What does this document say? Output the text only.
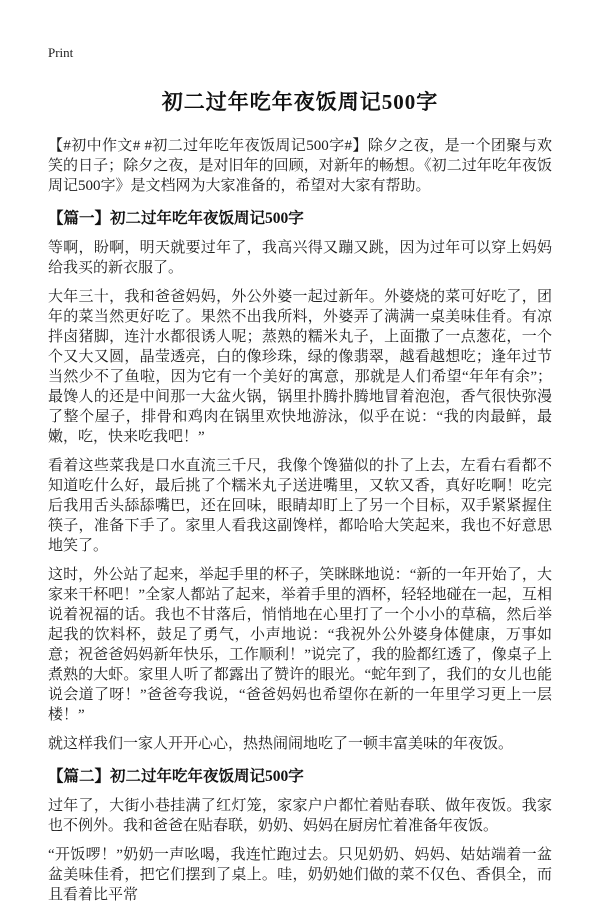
Print
初二过年吃年夜饭周记500字

【#初中作文# #初二过年吃年夜饭周记500字#】除夕之夜，是一个团聚与欢笑的日子；除夕之夜，是对旧年的回顾，对新年的畅想。《初二过年吃年夜饭周记500字》是文档网为大家准备的，希望对大家有帮助。

【篇一】初二过年吃年夜饭周记500字

等啊，盼啊，明天就要过年了，我高兴得又蹦又跳，因为过年可以穿上妈妈给我买的新衣服了。

大年三十，我和爸爸妈妈，外公外婆一起过新年。外婆烧的菜可好吃了，团年的菜当然更好吃了。果然不出我所料，外婆弄了满满一桌美味佳肴。有凉拌卤猪脚，连汁水都很诱人呢；蒸熟的糯米丸子，上面撒了一点葱花，一个个又大又圆，晶莹透亮，白的像珍珠，绿的像翡翠，越看越想吃；逢年过节当然少不了鱼啦，因为它有一个美好的寓意，那就是人们希望“年年有余”；最馋人的还是中间那一大盆火锅，锅里扑腾扑腾地冒着泡泡，香气很快弥漫了整个屋子，排骨和鸡肉在锅里欢快地游泳，似乎在说：“我的肉最鲜，最嫩，吃，快来吃我吧！”

看着这些菜我是口水直流三千尺，我像个馋猫似的扑了上去，左看右看都不知道吃什么好，最后挑了个糯米丸子送进嘴里，又软又香，真好吃啊！吃完后我用舌头舔舔嘴巴，还在回味，眼睛却盯上了另一个目标，双手紧紧握住筷子，准备下手了。家里人看我这副馋样，都哈哈大笑起来，我也不好意思地笑了。

这时，外公站了起来，举起手里的杯子，笑眯眯地说：“新的一年开始了，大家来干杯吧！”全家人都站了起来，举着手里的酒杯，轻轻地碰在一起，互相说着祝福的话。我也不甘落后，悄悄地在心里打了一个小小的草稿，然后举起我的饮料杯，鼓足了勇气，小声地说：“我祝外公外婆身体健康，万事如意；祝爸爸妈妈新年快乐，工作顺利！”说完了，我的脸都红透了，像桌子上煮熟的大虾。家里人听了都露出了赞许的眼光。“蛇年到了，我们的女儿也能说会道了呀！”爸爸夸我说，“爸爸妈妈也希望你在新的一年里学习更上一层楼！”

就这样我们一家人开开心心，热热闹闹地吃了一顿丰富美味的年夜饭。

【篇二】初二过年吃年夜饭周记500字

过年了，大街小巷挂满了红灯笼，家家户户都忙着贴春联、做年夜饭。我家也不例外。我和爸爸在贴春联，奶奶、妈妈在厨房忙着准备年夜饭。

“开饭啰！”奶奶一声吆喝，我连忙跑过去。只见奶奶、妈妈、姑姑端着一盆盆美味佳肴，把它们摆到了桌上。哇，奶奶她们做的菜不仅色、香俱全，而且看着比平常
